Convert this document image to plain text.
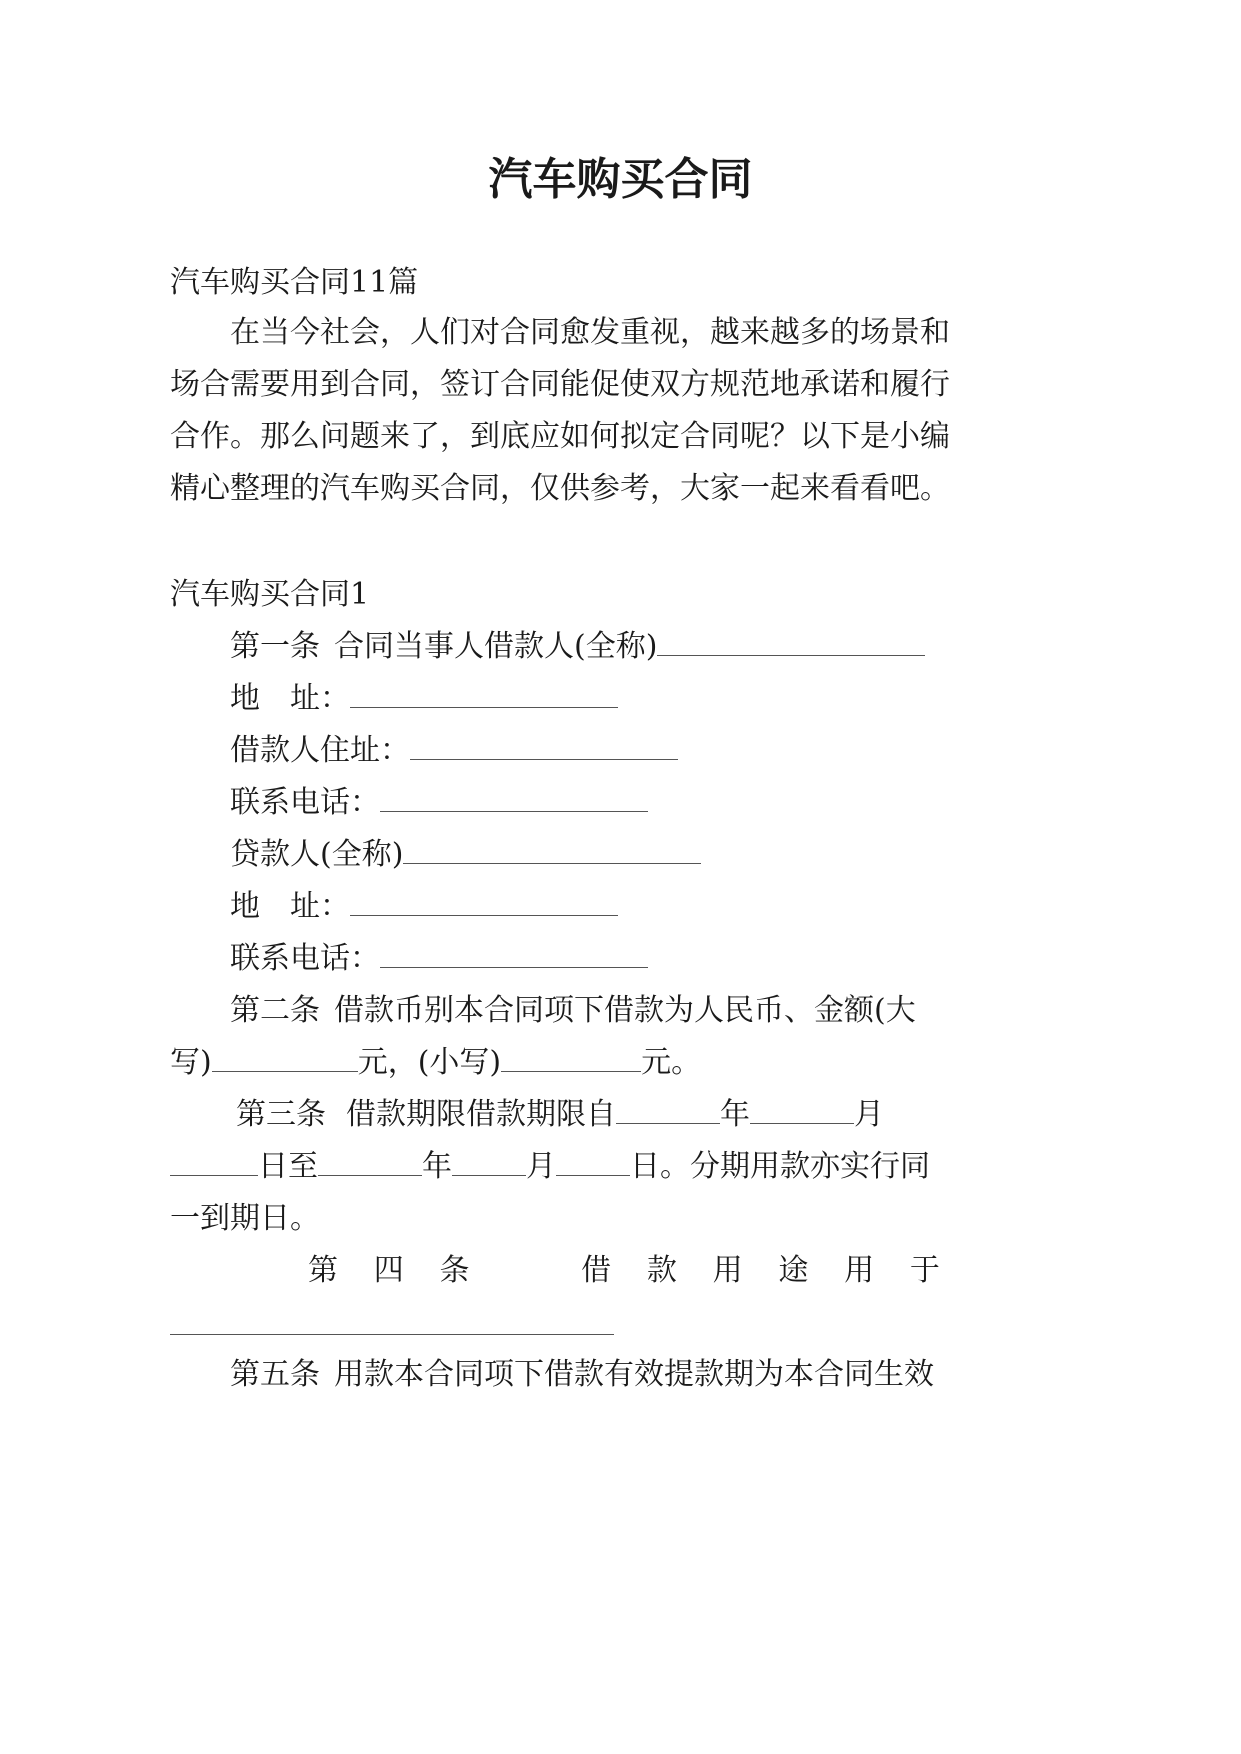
汽车购买合同
汽车购买合同11篇
在当今社会，人们对合同愈发重视，越来越多的场景和
场合需要用到合同，签订合同能促使双方规范地承诺和履行
合作。那么问题来了，到底应如何拟定合同呢？以下是小编
精心整理的汽车购买合同，仅供参考，大家一起来看看吧。
汽车购买合同1
第一条 合同当事人借款人(全称)
地　址：
借款人住址：
联系电话：
贷款人(全称)
地　址：
联系电话：
第二条 借款币别本合同项下借款为人民币、金额(大
写)	元，(小写)	元。
第三条 借款期限借款期限自	年	月
日至	年 月 日。分期用款亦实行同
一到期日。
第 四 条	借 款 用 途 用 于
第五条 用款本合同项下借款有效提款期为本合同生效
